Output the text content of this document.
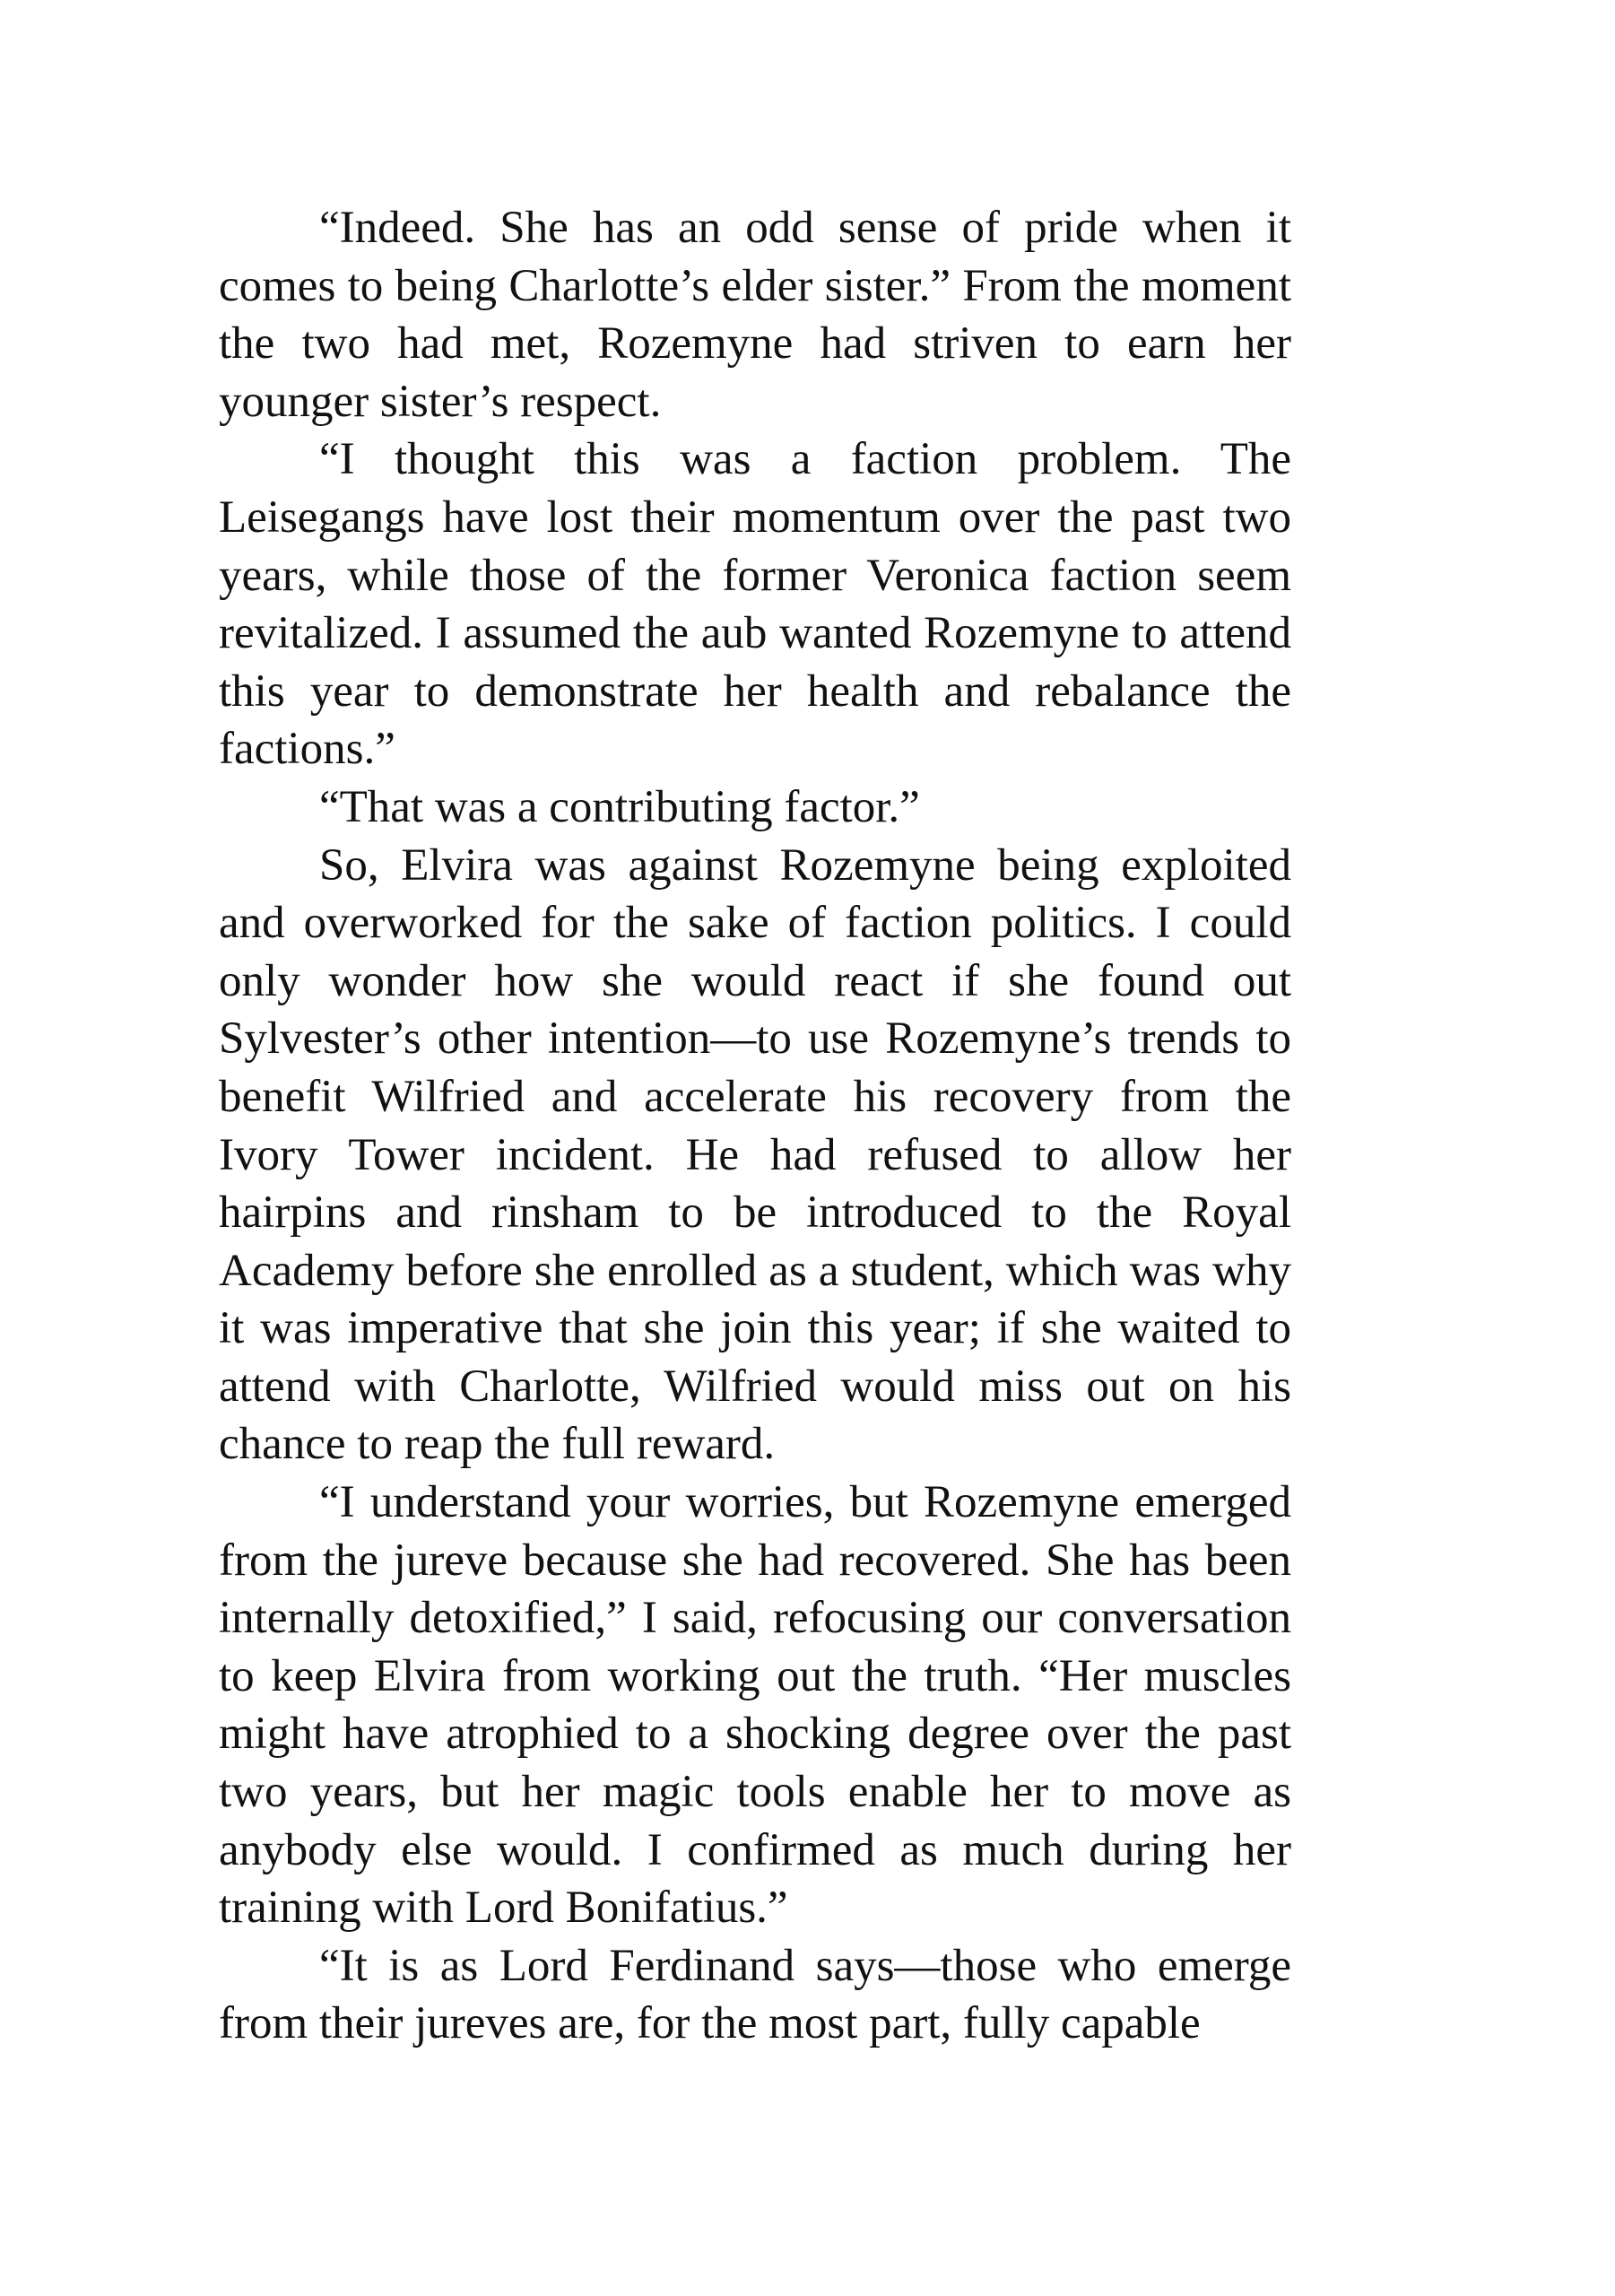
“Indeed. She has an odd sense of pride when it comes to being Charlotte’s elder sister.” From the moment the two had met, Rozemyne had striven to earn her younger sister’s respect.

“I thought this was a faction problem. The Leisegangs have lost their momentum over the past two years, while those of the former Veronica faction seem revitalized. I assumed the aub wanted Rozemyne to attend this year to demonstrate her health and rebalance the factions.”

“That was a contributing factor.”

So, Elvira was against Rozemyne being exploited and overworked for the sake of faction politics. I could only wonder how she would react if she found out Sylvester’s other intention—to use Rozemyne’s trends to benefit Wilfried and accelerate his recovery from the Ivory Tower incident. He had refused to allow her hairpins and rinsham to be introduced to the Royal Academy before she enrolled as a student, which was why it was imperative that she join this year; if she waited to attend with Charlotte, Wilfried would miss out on his chance to reap the full reward.

“I understand your worries, but Rozemyne emerged from the jureve because she had recovered. She has been internally detoxified,” I said, refocusing our conversation to keep Elvira from working out the truth. “Her muscles might have atrophied to a shocking degree over the past two years, but her magic tools enable her to move as anybody else would. I confirmed as much during her training with Lord Bonifatius.”

“It is as Lord Ferdinand says—those who emerge from their jureves are, for the most part, fully capable
